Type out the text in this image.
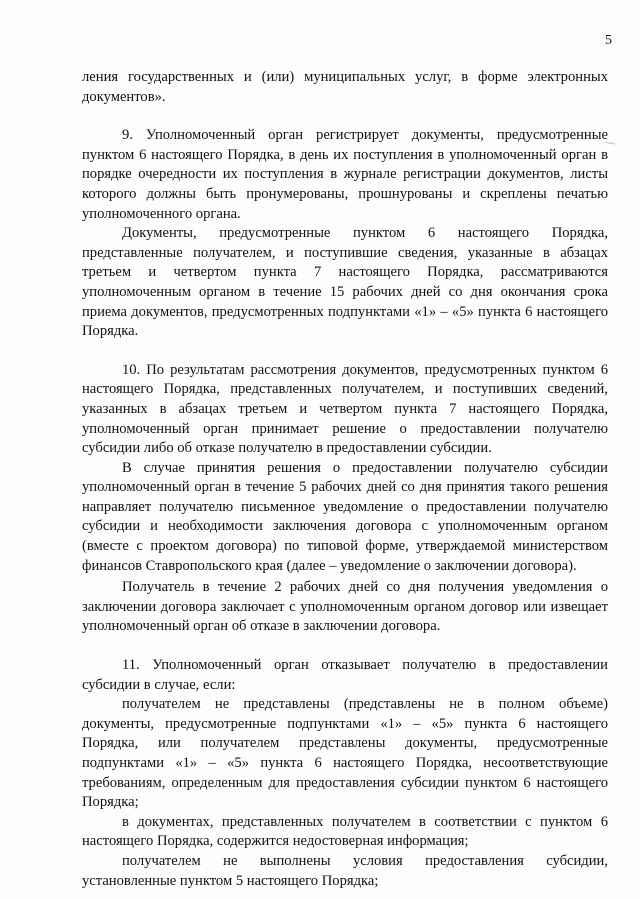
5
~·~

ления государственных и (или) муниципальных услуг, в форме электронных документов».

9. Уполномоченный орган регистрирует документы, предусмотренные пунктом 6 настоящего Порядка, в день их поступления в уполномоченный орган в порядке очередности их поступления в журнале регистрации документов, листы которого должны быть пронумерованы, прошнурованы и скреплены печатью уполномоченного органа.

Документы, предусмотренные пунктом 6 настоящего Порядка, представленные получателем, и поступившие сведения, указанные в абзацах третьем и четвертом пункта 7 настоящего Порядка, рассматриваются уполномоченным органом в течение 15 рабочих дней со дня окончания срока приема документов, предусмотренных подпунктами «1» – «5» пункта 6 настоящего Порядка.

10. По результатам рассмотрения документов, предусмотренных пунктом 6 настоящего Порядка, представленных получателем, и поступивших сведений, указанных в абзацах третьем и четвертом пункта 7 настоящего Порядка, уполномоченный орган принимает решение о предоставлении получателю субсидии либо об отказе получателю в предоставлении субсидии.

В случае принятия решения о предоставлении получателю субсидии уполномоченный орган в течение 5 рабочих дней со дня принятия такого решения направляет получателю письменное уведомление о предоставлении получателю субсидии и необходимости заключения договора с уполномоченным органом (вместе с проектом договора) по типовой форме, утверждаемой министерством финансов Ставропольского края (далее – уведомление о заключении договора).

Получатель в течение 2 рабочих дней со дня получения уведомления о заключении договора заключает с уполномоченным органом договор или извещает уполномоченный орган об отказе в заключении договора.

11. Уполномоченный орган отказывает получателю в предоставлении субсидии в случае, если:

получателем не представлены (представлены не в полном объеме) документы, предусмотренные подпунктами «1» – «5» пункта 6 настоящего Порядка, или получателем представлены документы, предусмотренные подпунктами «1» – «5» пункта 6 настоящего Порядка, несоответствующие требованиям, определенным для предоставления субсидии пунктом 6 настоящего Порядка;

в документах, представленных получателем в соответствии с пунктом 6 настоящего Порядка, содержится недостоверная информация;

получателем не выполнены условия предоставления субсидии, установленные пунктом 5 настоящего Порядка;
